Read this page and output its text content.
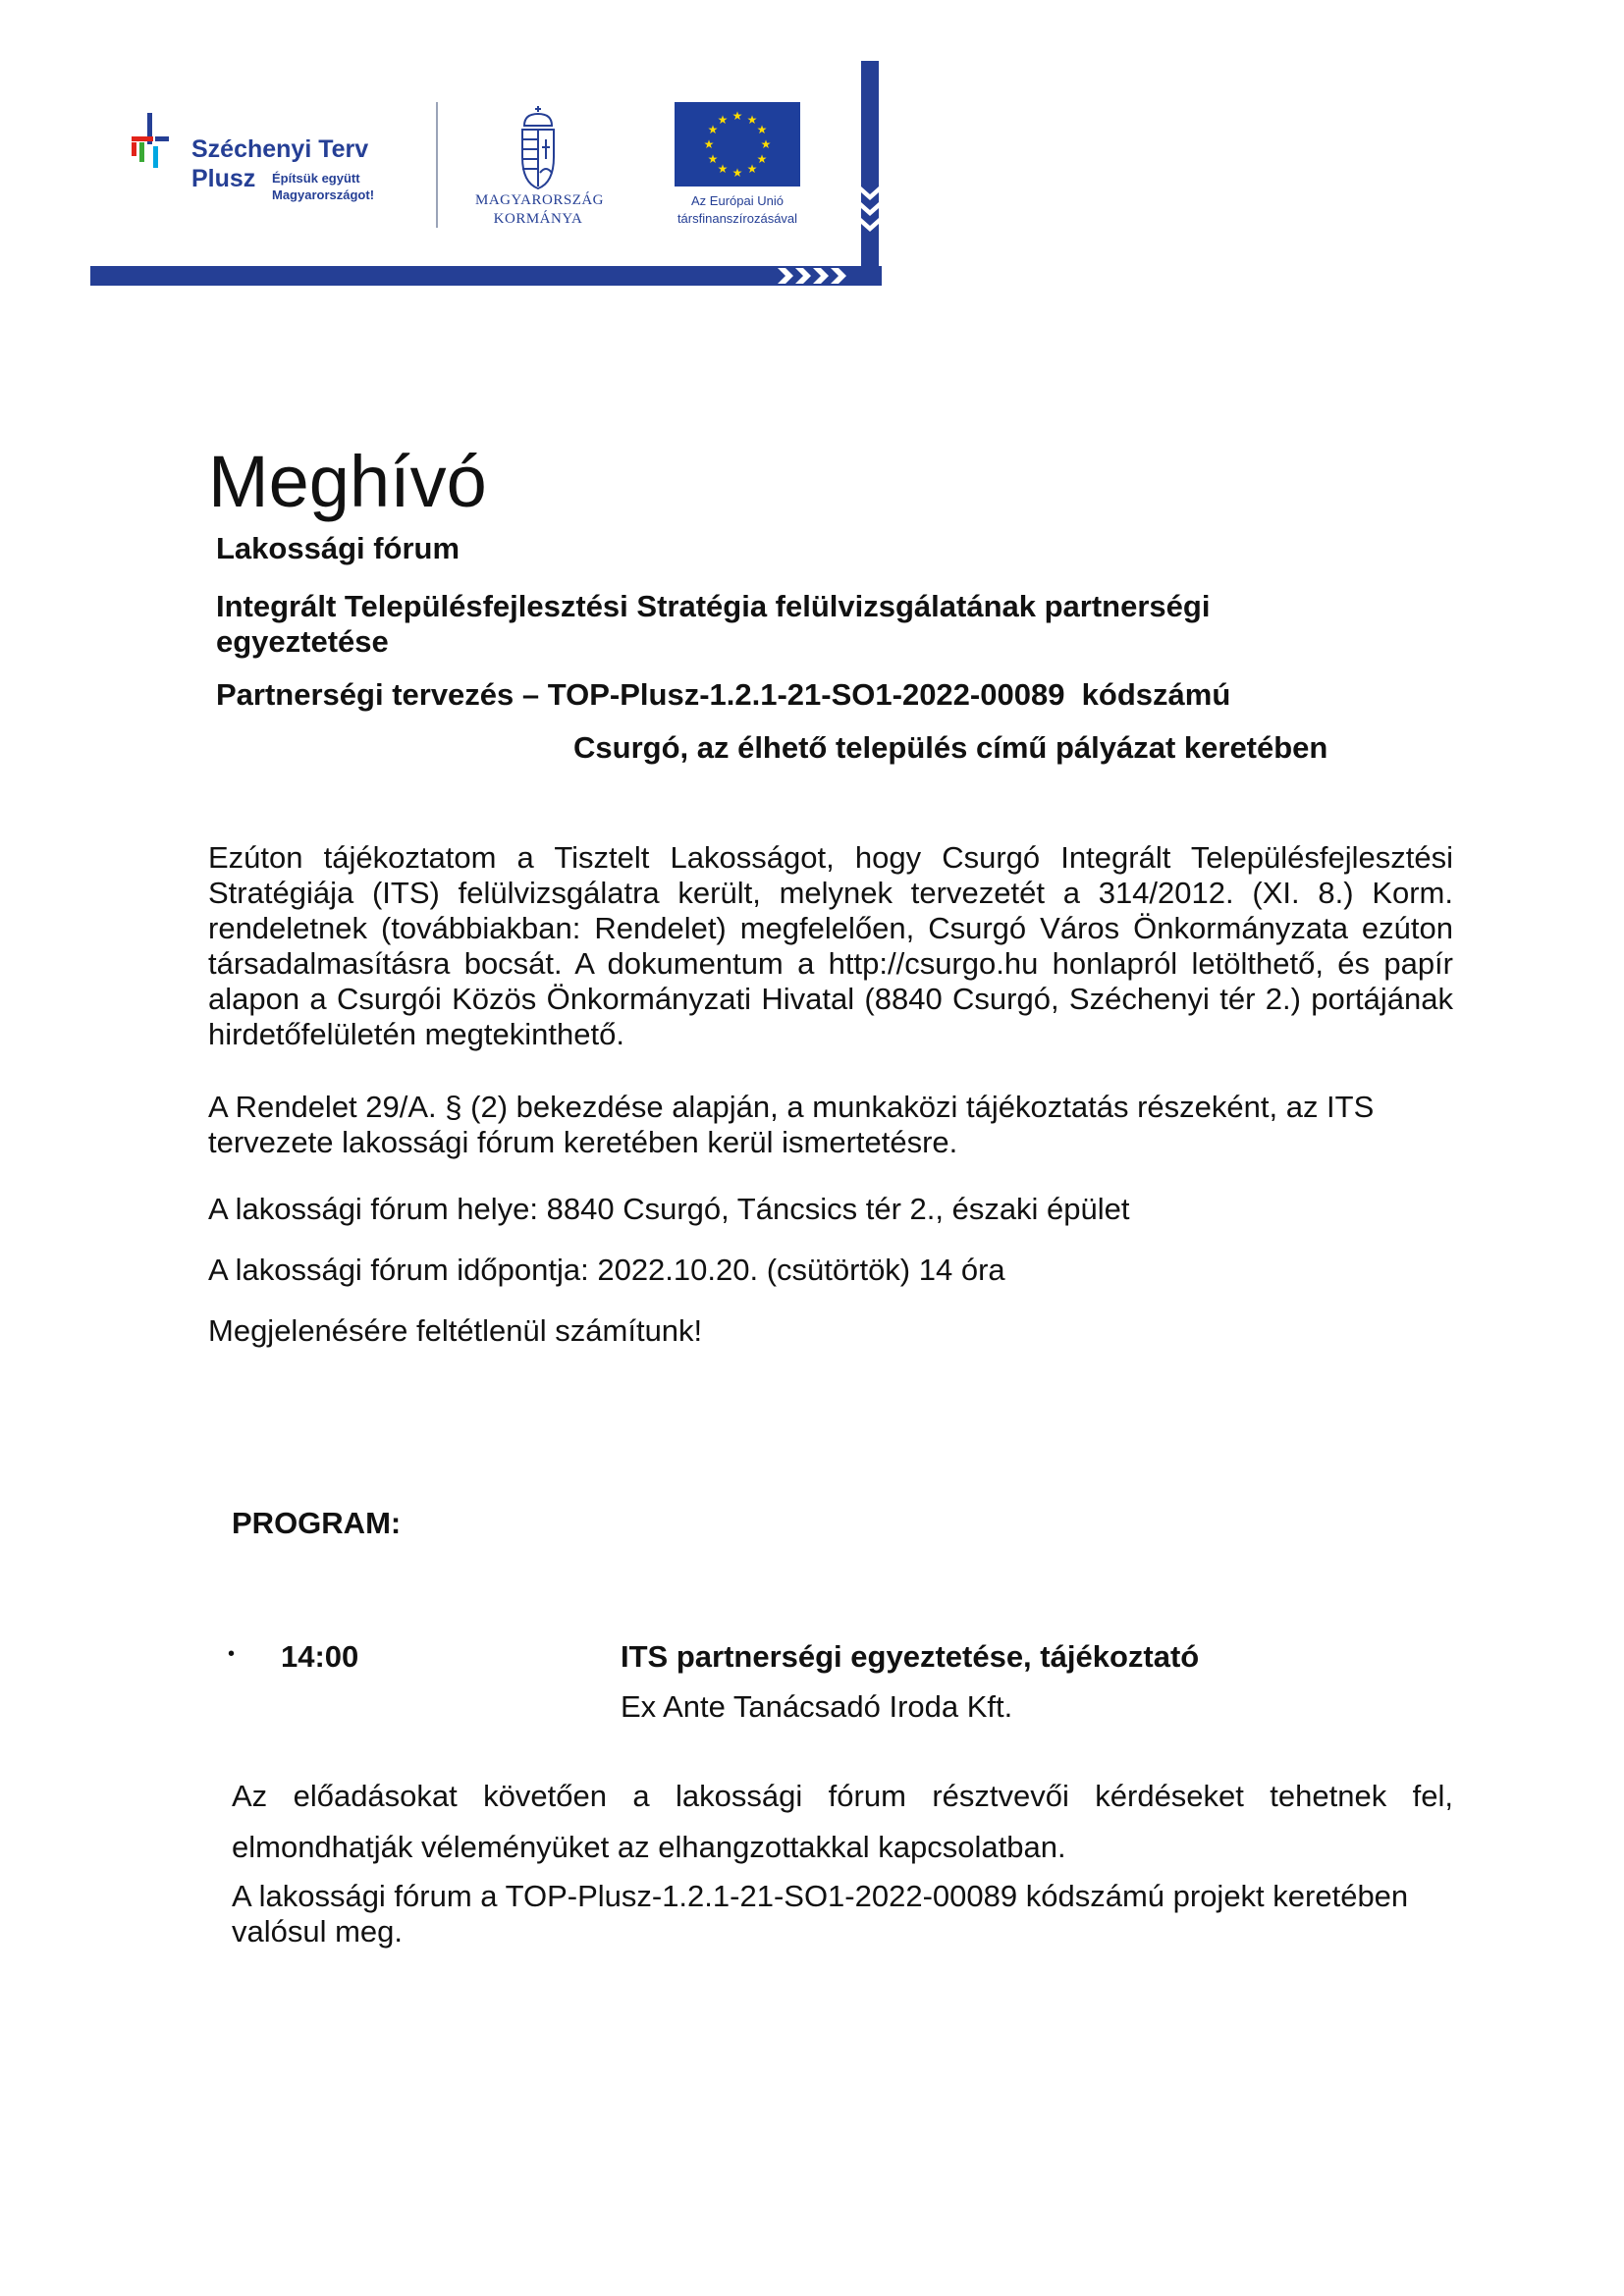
Széchenyi Terv
Plusz Építsük együtt
Magyarországot!	MAGYARORSZÁG
KORMÁNYA
★ ★
★
★
★
★
★
★
★
★
★
★
Az Európai Unió
társfinanszírozásával
Meghívó
Lakossági fórum
Integrált Településfejlesztési Stratégia felülvizsgálatának partnerségi egyeztetése
Partnerségi tervezés – TOP-Plusz-1.2.1-21-SO1-2022-00089  kódszámú
Csurgó, az élhető település című pályázat keretében
Ezúton tájékoztatom a Tisztelt Lakosságot, hogy Csurgó Integrált Településfejlesztési Stratégiája (ITS) felülvizsgálatra került, melynek tervezetét a 314/2012. (XI. 8.) Korm. rendeletnek (továbbiakban: Rendelet) megfelelően, Csurgó Város Önkormányzata ezúton társadalmasításra bocsát. A dokumentum a http://csurgo.hu honlapról letölthető, és papír alapon a Csurgói Közös Önkormányzati Hivatal (8840 Csurgó, Széchenyi tér 2.) portájának hirdetőfelületén megtekinthető.
A Rendelet 29/A. § (2) bekezdése alapján, a munkaközi tájékoztatás részeként, az ITS tervezete lakossági fórum keretében kerül ismertetésre.
A lakossági fórum helye: 8840 Csurgó, Táncsics tér 2., északi épület
A lakossági fórum időpontja: 2022.10.20. (csütörtök) 14 óra
Megjelenésére feltétlenül számítunk!
PROGRAM:
• 14:00	ITS partnerségi egyeztetése, tájékoztató
Ex Ante Tanácsadó Iroda Kft.
Az előadásokat követően a lakossági fórum résztvevői kérdéseket tehetnek fel, elmondhatják véleményüket az elhangzottakkal kapcsolatban.
A lakossági fórum a TOP-Plusz-1.2.1-21-SO1-2022-00089 kódszámú projekt keretében valósul meg.
